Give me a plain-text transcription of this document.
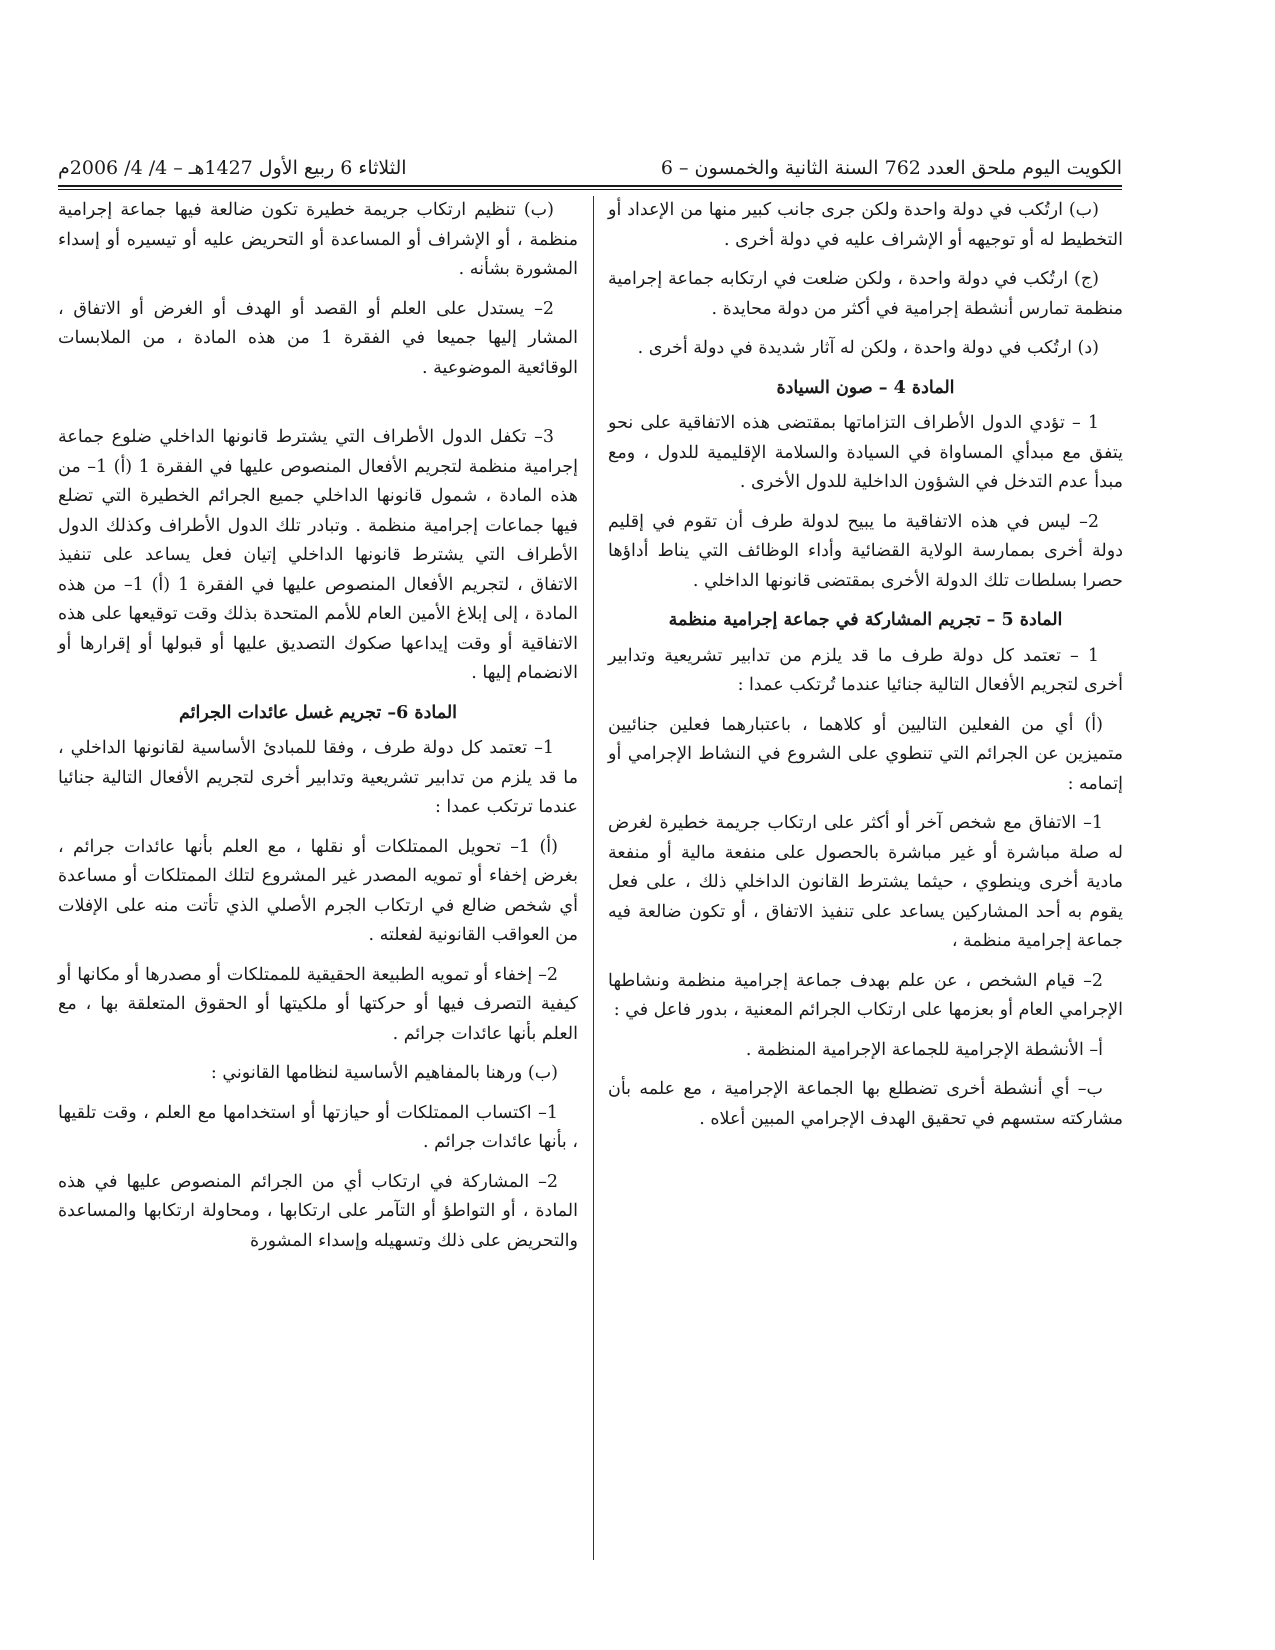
الكويت اليوم ملحق العدد 762 السنة الثانية والخمسون – 6
الثلاثاء 6 ربيع الأول 1427هـ – 4/ 4/ 2006م

(ب) ارتُكب في دولة واحدة ولكن جرى جانب كبير منها من الإعداد أو التخطيط له أو توجيهه أو الإشراف عليه في دولة أخرى .

(ج) ارتُكب في دولة واحدة ، ولكن ضلعت في ارتكابه جماعة إجرامية منظمة تمارس أنشطة إجرامية في أكثر من دولة محايدة .

(د) ارتُكب في دولة واحدة ، ولكن له آثار شديدة في دولة أخرى .

المادة 4 – صون السيادة

1 – تؤدي الدول الأطراف التزاماتها بمقتضى هذه الاتفاقية على نحو يتفق مع مبدأي المساواة في السيادة والسلامة الإقليمية للدول ، ومع مبدأ عدم التدخل في الشؤون الداخلية للدول الأخرى .

2– ليس في هذه الاتفاقية ما يبيح لدولة طرف أن تقوم في إقليم دولة أخرى بممارسة الولاية القضائية وأداء الوظائف التي يناط أداؤها حصرا بسلطات تلك الدولة الأخرى بمقتضى قانونها الداخلي .

المادة 5 – تجريم المشاركة في جماعة إجرامية منظمة

1 – تعتمد كل دولة طرف ما قد يلزم من تدابير تشريعية وتدابير أخرى لتجريم الأفعال التالية جنائيا عندما تُرتكب عمدا :

(أ) أي من الفعلين التاليين أو كلاهما ، باعتبارهما فعلين جنائيين متميزين عن الجرائم التي تنطوي على الشروع في النشاط الإجرامي أو إتمامه :

1– الاتفاق مع شخص آخر أو أكثر على ارتكاب جريمة خطيرة لغرض له صلة مباشرة أو غير مباشرة بالحصول على منفعة مالية أو منفعة مادية أخرى وينطوي ، حيثما يشترط القانون الداخلي ذلك ، على فعل يقوم به أحد المشاركين يساعد على تنفيذ الاتفاق ، أو تكون ضالعة فيه جماعة إجرامية منظمة ،

2– قيام الشخص ، عن علم بهدف جماعة إجرامية منظمة ونشاطها الإجرامي العام أو بعزمها على ارتكاب الجرائم المعنية ، بدور فاعل في :

أ– الأنشطة الإجرامية للجماعة الإجرامية المنظمة .

ب– أي أنشطة أخرى تضطلع بها الجماعة الإجرامية ، مع علمه بأن مشاركته ستسهم في تحقيق الهدف الإجرامي المبين أعلاه .

(ب) تنظيم ارتكاب جريمة خطيرة تكون ضالعة فيها جماعة إجرامية منظمة ، أو الإشراف أو المساعدة أو التحريض عليه أو تيسيره أو إسداء المشورة بشأنه .

2– يستدل على العلم أو القصد أو الهدف أو الغرض أو الاتفاق ، المشار إليها جميعا في الفقرة 1 من هذه المادة ، من الملابسات الوقائعية الموضوعية .

3– تكفل الدول الأطراف التي يشترط قانونها الداخلي ضلوع جماعة إجرامية منظمة لتجريم الأفعال المنصوص عليها في الفقرة 1 (أ) 1– من هذه المادة ، شمول قانونها الداخلي جميع الجرائم الخطيرة التي تضلع فيها جماعات إجرامية منظمة . وتبادر تلك الدول الأطراف وكذلك الدول الأطراف التي يشترط قانونها الداخلي إتيان فعل يساعد على تنفيذ الاتفاق ، لتجريم الأفعال المنصوص عليها في الفقرة 1 (أ) 1– من هذه المادة ، إلى إبلاغ الأمين العام للأمم المتحدة بذلك وقت توقيعها على هذه الاتفاقية أو وقت إيداعها صكوك التصديق عليها أو قبولها أو إقرارها أو الانضمام إليها .

المادة 6– تجريم غسل عائدات الجرائم

1– تعتمد كل دولة طرف ، وفقا للمبادئ الأساسية لقانونها الداخلي ، ما قد يلزم من تدابير تشريعية وتدابير أخرى لتجريم الأفعال التالية جنائيا عندما ترتكب عمدا :

(أ) 1– تحويل الممتلكات أو نقلها ، مع العلم بأنها عائدات جرائم ، بغرض إخفاء أو تمويه المصدر غير المشروع لتلك الممتلكات أو مساعدة أي شخص ضالع في ارتكاب الجرم الأصلي الذي تأتت منه على الإفلات من العواقب القانونية لفعلته .

2– إخفاء أو تمويه الطبيعة الحقيقية للممتلكات أو مصدرها أو مكانها أو كيفية التصرف فيها أو حركتها أو ملكيتها أو الحقوق المتعلقة بها ، مع العلم بأنها عائدات جرائم .

(ب) ورهنا بالمفاهيم الأساسية لنظامها القانوني :

1– اكتساب الممتلكات أو حيازتها أو استخدامها مع العلم ، وقت تلقيها ، بأنها عائدات جرائم .

2– المشاركة في ارتكاب أي من الجرائم المنصوص عليها في هذه المادة ، أو التواطؤ أو التآمر على ارتكابها ، ومحاولة ارتكابها والمساعدة والتحريض على ذلك وتسهيله وإسداء المشورة
